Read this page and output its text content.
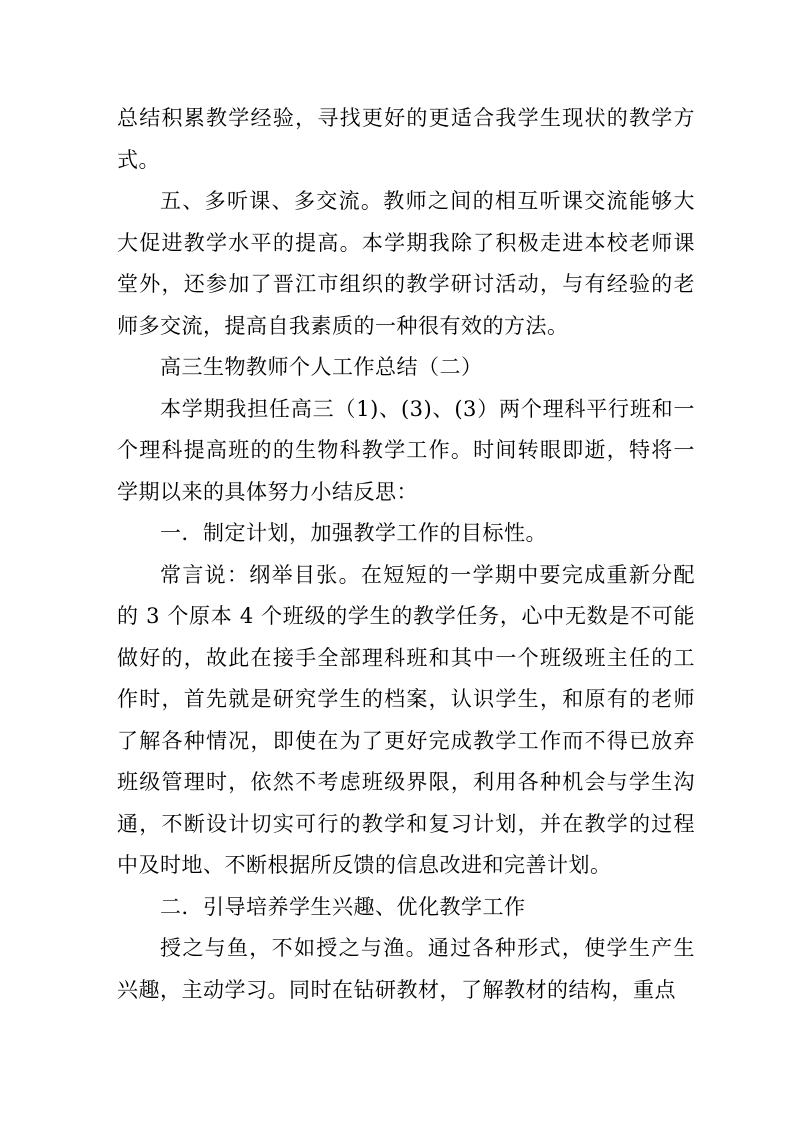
总结积累教学经验，寻找更好的更适合我学生现状的教学方式。

五、多听课、多交流。教师之间的相互听课交流能够大大促进教学水平的提高。本学期我除了积极走进本校老师课堂外，还参加了晋江市组织的教学研讨活动，与有经验的老师多交流，提高自我素质的一种很有效的方法。

高三生物教师个人工作总结（二）

本学期我担任高三（1)、(3)、(3）两个理科平行班和一个理科提高班的的生物科教学工作。时间转眼即逝，特将一学期以来的具体努力小结反思：

一．制定计划，加强教学工作的目标性。

常言说：纲举目张。在短短的一学期中要完成重新分配的 3 个原本 4 个班级的学生的教学任务，心中无数是不可能做好的，故此在接手全部理科班和其中一个班级班主任的工作时，首先就是研究学生的档案，认识学生，和原有的老师了解各种情况，即使在为了更好完成教学工作而不得已放弃班级管理时，依然不考虑班级界限，利用各种机会与学生沟通，不断设计切实可行的教学和复习计划，并在教学的过程中及时地、不断根据所反馈的信息改进和完善计划。

二．引导培养学生兴趣、优化教学工作

授之与鱼，不如授之与渔。通过各种形式，使学生产生兴趣，主动学习。同时在钻研教材，了解教材的结构，重点
